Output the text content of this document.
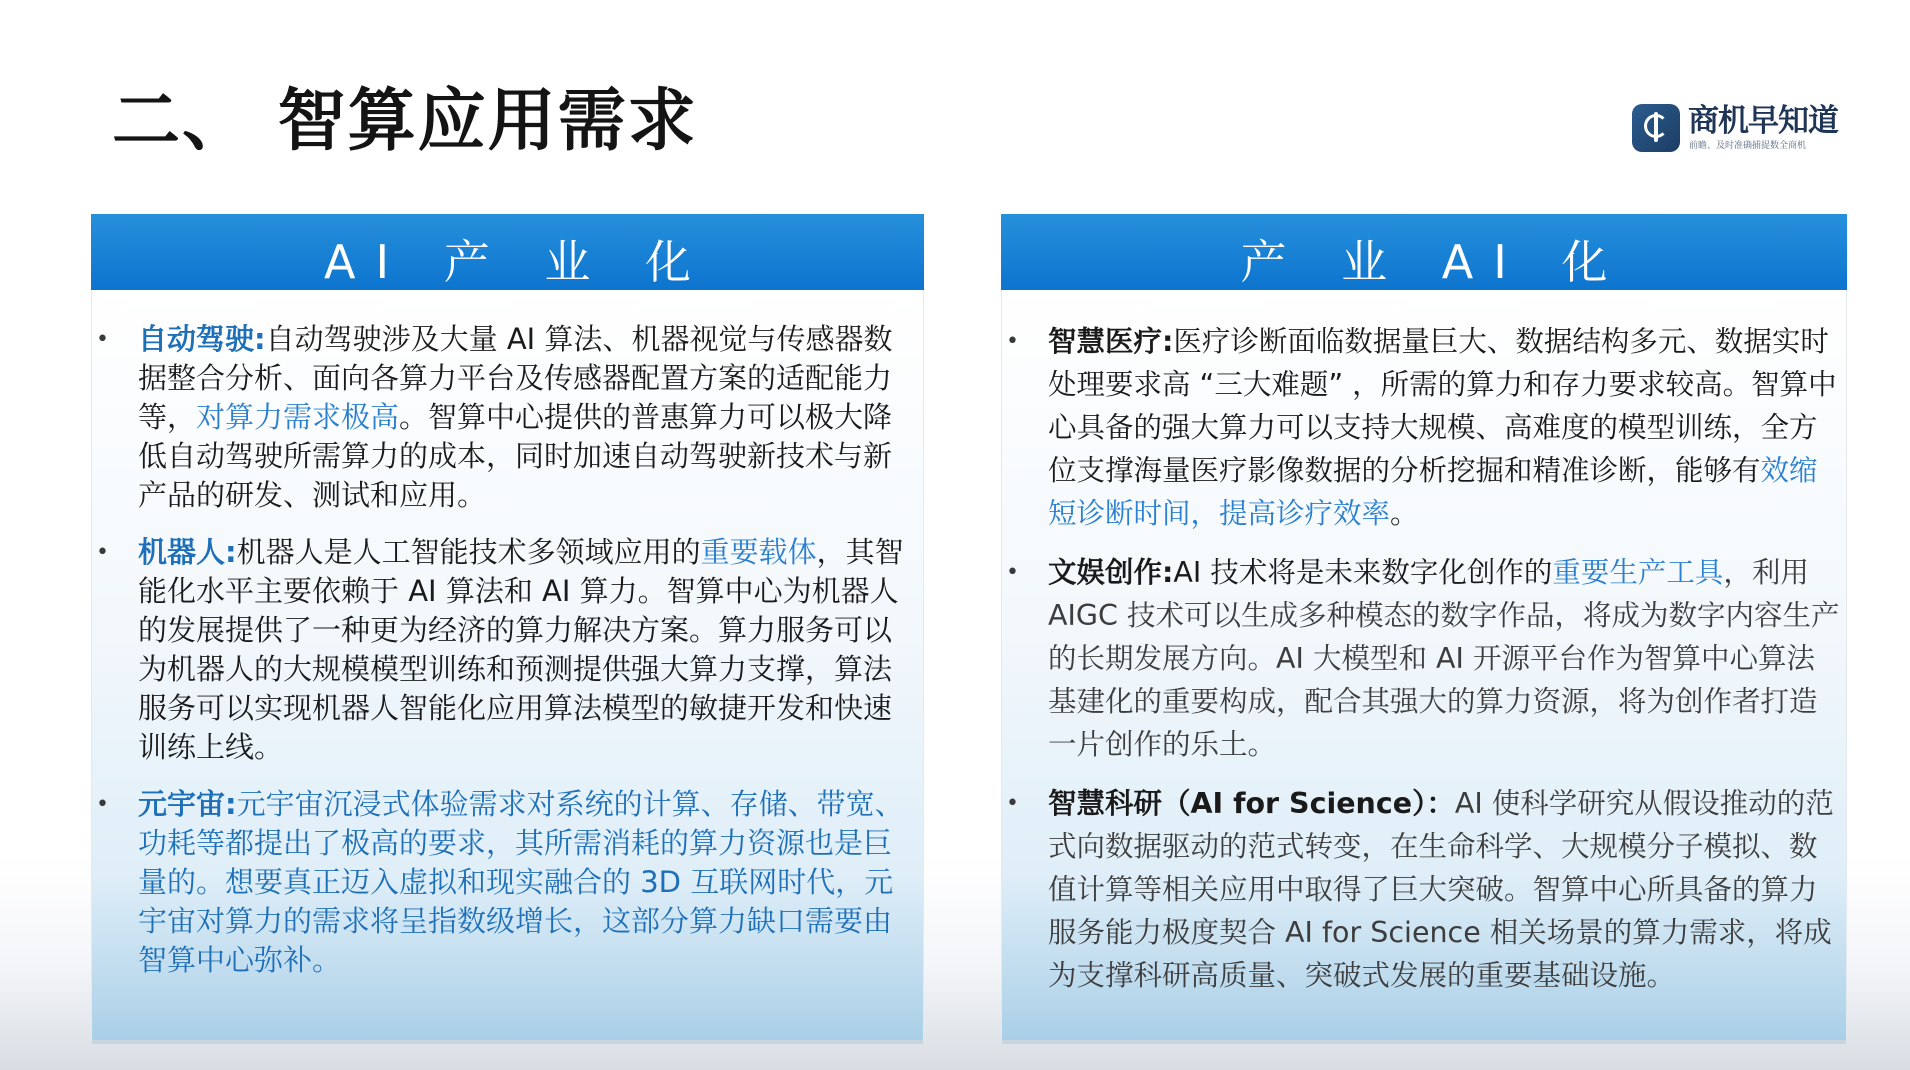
二、 智算应用需求	商机早知道
前瞻、及时准确捕捉数全商机
AI 产 业 化
• 自动驾驶:自动驾驶涉及大量 AI 算法、机器视觉与传感器数据整合分析、面向各算力平台及传感器配置方案的适配能力等，对算力需求极高。智算中心提供的普惠算力可以极大降低自动驾驶所需算力的成本，同时加速自动驾驶新技术与新产品的研发、测试和应用。
• 机器人:机器人是人工智能技术多领域应用的重要载体，其智能化水平主要依赖于 AI 算法和 AI 算力。智算中心为机器人的发展提供了一种更为经济的算力解决方案。算力服务可以为机器人的大规模模型训练和预测提供强大算力支撑，算法服务可以实现机器人智能化应用算法模型的敏捷开发和快速训练上线。
• 元宇宙:元宇宙沉浸式体验需求对系统的计算、存储、带宽、功耗等都提出了极高的要求，其所需消耗的算力资源也是巨量的。想要真正迈入虚拟和现实融合的 3D 互联网时代，元宇宙对算力的需求将呈指数级增长，这部分算力缺口需要由智算中心弥补。
产 业 AI 化
• 智慧医疗:医疗诊断面临数据量巨大、数据结构多元、数据实时处理要求高 “三大难题” ，所需的算力和存力要求较高。智算中心具备的强大算力可以支持大规模、高难度的模型训练，全方位支撑海量医疗影像数据的分析挖掘和精准诊断，能够有效缩短诊断时间，提高诊疗效率。
• 文娱创作:AI 技术将是未来数字化创作的重要生产工具，利用 AIGC 技术可以生成多种模态的数字作品，将成为数字内容生产的长期发展方向。AI 大模型和 AI 开源平台作为智算中心算法基建化的重要构成，配合其强大的算力资源，将为创作者打造一片创作的乐土。
• 智慧科研（AI for Science）：AI 使科学研究从假设推动的范式向数据驱动的范式转变，在生命科学、大规模分子模拟、数值计算等相关应用中取得了巨大突破。智算中心所具备的算力服务能力极度契合 AI for Science 相关场景的算力需求，将成为支撑科研高质量、突破式发展的重要基础设施。
